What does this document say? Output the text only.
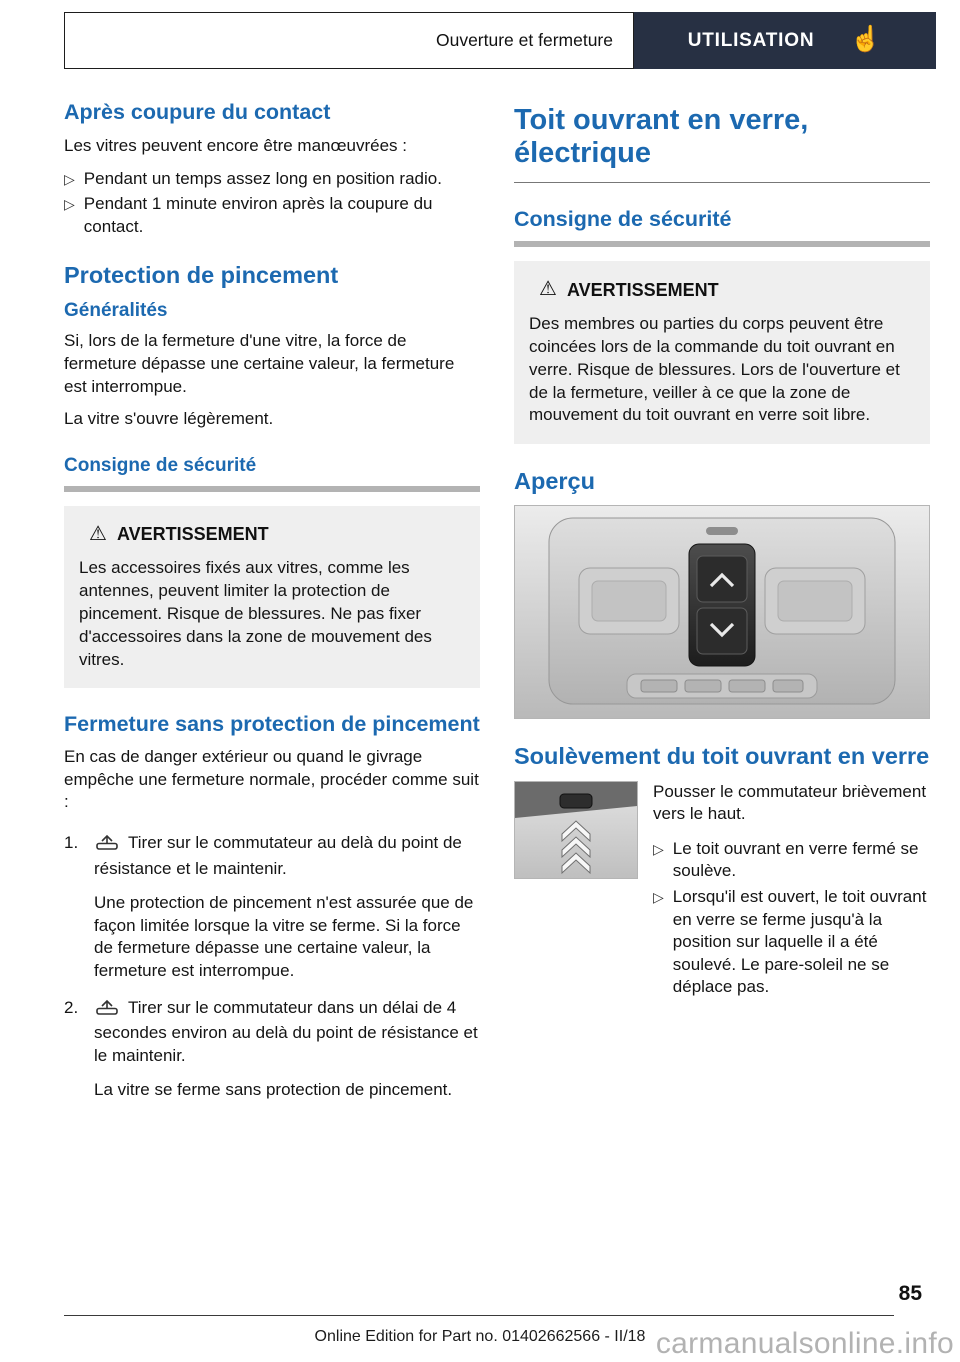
Ouverture et fermeture	UTILISATION ☝
Après coupure du contact

Les vitres peuvent encore être manœuvrées :

▷ Pendant un temps assez long en position radio.
▷ Pendant 1 minute environ après la coupure du contact.
Protection de pincement
Généralités

Si, lors de la fermeture d'une vitre, la force de fermeture dépasse une certaine valeur, la fermeture est interrompue.

La vitre s'ouvre légèrement.

Consigne de sécurité
⚠ AVERTISSEMENT

Les accessoires fixés aux vitres, comme les antennes, peuvent limiter la protection de pincement. Risque de blessures. Ne pas fixer d'accessoires dans la zone de mouvement des vitres.

Fermeture sans protection de pincement

En cas de danger extérieur ou quand le givrage empêche une fermeture normale, procéder comme suit :

1.	Tirer sur le commutateur au delà du point de résistance et le maintenir.

Une protection de pincement n'est assurée que de façon limitée lorsque la vitre se ferme. Si la force de fermeture dépasse une certaine valeur, la fermeture est interrompue.

2.	Tirer sur le commutateur dans un délai de 4 secondes environ au delà du point de résistance et le maintenir.

La vitre se ferme sans protection de pincement.

Toit ouvrant en verre, électrique
Consigne de sécurité
⚠ AVERTISSEMENT

Des membres ou parties du corps peuvent être coincées lors de la commande du toit ouvrant en verre. Risque de blessures. Lors de l'ouverture et de la fermeture, veiller à ce que la zone de mouvement du toit ouvrant en verre soit libre.

Aperçu
Soulèvement du toit ouvrant en verre

Pousser le commutateur brièvement vers le haut.

▷ Le toit ouvrant en verre fermé se soulève.
▷ Lorsqu'il est ouvert, le toit ouvrant en verre se ferme jusqu'à la position sur laquelle il a été soulevé. Le pare-soleil ne se déplace pas.
85
Online Edition for Part no. 01402662566 - II/18 carmanualsonline.info
